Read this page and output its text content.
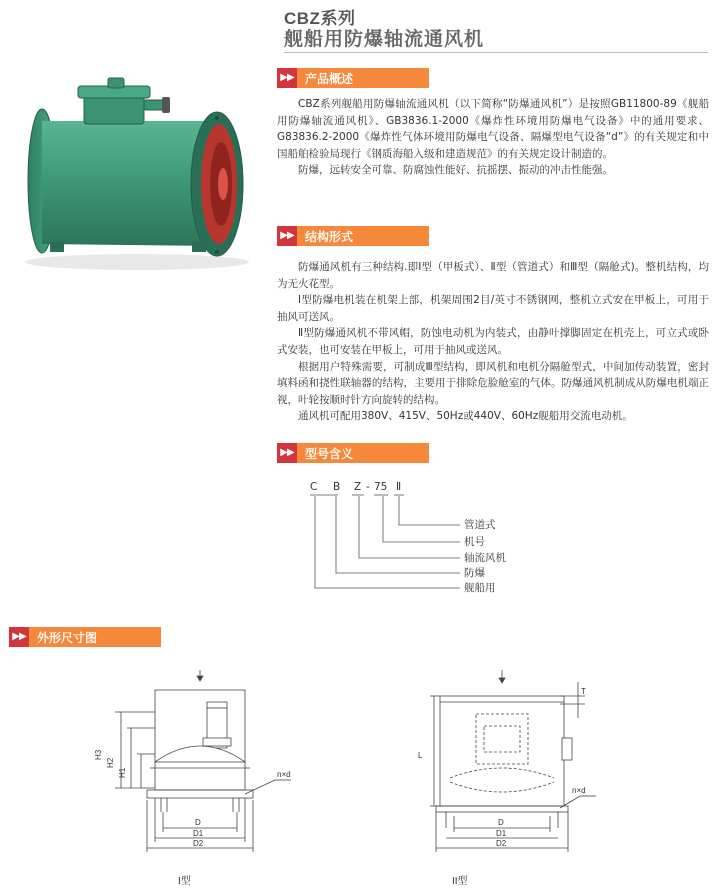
CBZ系列
舰船用防爆轴流通风机
▶▶ 产品概述

CBZ系列舰船用防爆轴流通风机（以下简称“防爆通风机”）是按照GB11800-89《舰船用防爆轴流通风机》、GB3836.1-2000《爆炸性环境用防爆电气设备》中的通用要求、G83836.2-2000《爆炸性气体环境用防爆电气设备、隔爆型电气设备“d”》的有关规定和中国船舶检验局现行《钢质海船入级和建造规范》的有关规定设计制造的。

防爆，远转安全可靠、防腐蚀性能好、抗摇摆、振动的冲击性能强。

▶▶ 结构形式

防爆通风机有三种结构.即I型（甲板式）、Ⅱ型（管道式）和Ⅲ型（隔舱式)。整机结构，均为无火花型。

I型防爆电机装在机架上部，机架周围2目/英寸不锈钢网，整机立式安在甲板上，可用于抽风可送风。

Ⅱ型防爆通风机不带风帽，防蚀电动机为内装式，由静叶撑脚固定在机壳上，可立式或卧式安装，也可安装在甲板上，可用于抽风或送风。

根据用户特殊需要，可制成Ⅲ型结构，即风机和电机分隔舱型式，中间加传动装置，密封填料函和挠性联轴器的结构，主要用于排除危脸舱室的气体。防爆通风机制成从防爆电机端正视，叶轮按顺时针方向旋转的结构。

通风机可配用380V、415V、50Hz或440V、60Hz舰船用交流电动机。

▶▶ 型号含义
C B Z - 75 Ⅱ
管道式
机号
轴流风机
防爆
舰船用
▶▶ 外形尺寸图
H3
H2
H1	n×d
D
D1
D2
I型
T
L
n×d
D
D1
D2
II型
